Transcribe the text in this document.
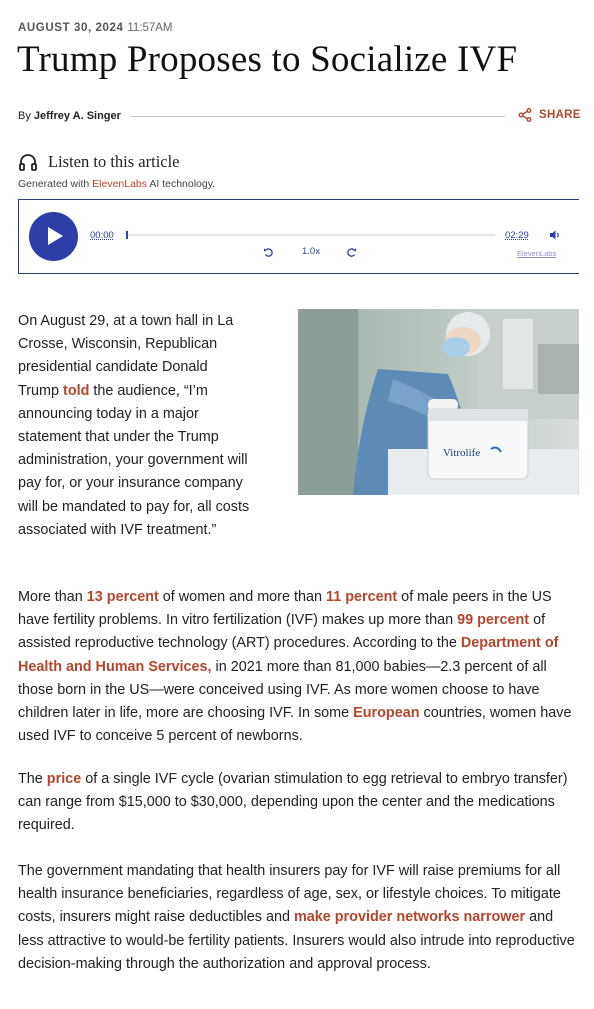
AUGUST 30, 2024 11:57AM
Trump Proposes to Socialize IVF
By Jeffrey A. Singer	SHARE
Listen to this article
Generated with ElevenLabs AI technology.
00:00	02:29
1.0x	ElevenLabs
Vitrolife

On August 29, at a town hall in La Crosse, Wisconsin, Republican presidential candidate Donald Trump told the audience, “I’m announcing today in a major statement that under the Trump administration, your government will pay for, or your insurance company will be mandated to pay for, all costs associated with IVF treatment.”

More than 13 percent of women and more than 11 percent of male peers in the US have fertility problems. In vitro fertilization (IVF) makes up more than 99 percent of assisted reproductive technology (ART) procedures. According to the Department of Health and Human Services, in 2021 more than 81,000 babies—2.3 percent of all those born in the US—were conceived using IVF. As more women choose to have children later in life, more are choosing IVF. In some European countries, women have used IVF to conceive 5 percent of newborns.

The price of a single IVF cycle (ovarian stimulation to egg retrieval to embryo transfer) can range from $15,000 to $30,000, depending upon the center and the medications required.

The government mandating that health insurers pay for IVF will raise premiums for all health insurance beneficiaries, regardless of age, sex, or lifestyle choices. To mitigate costs, insurers might raise deductibles and make provider networks narrower and less attractive to would-be fertility patients. Insurers would also intrude into reproductive decision-making through the authorization and approval process.
